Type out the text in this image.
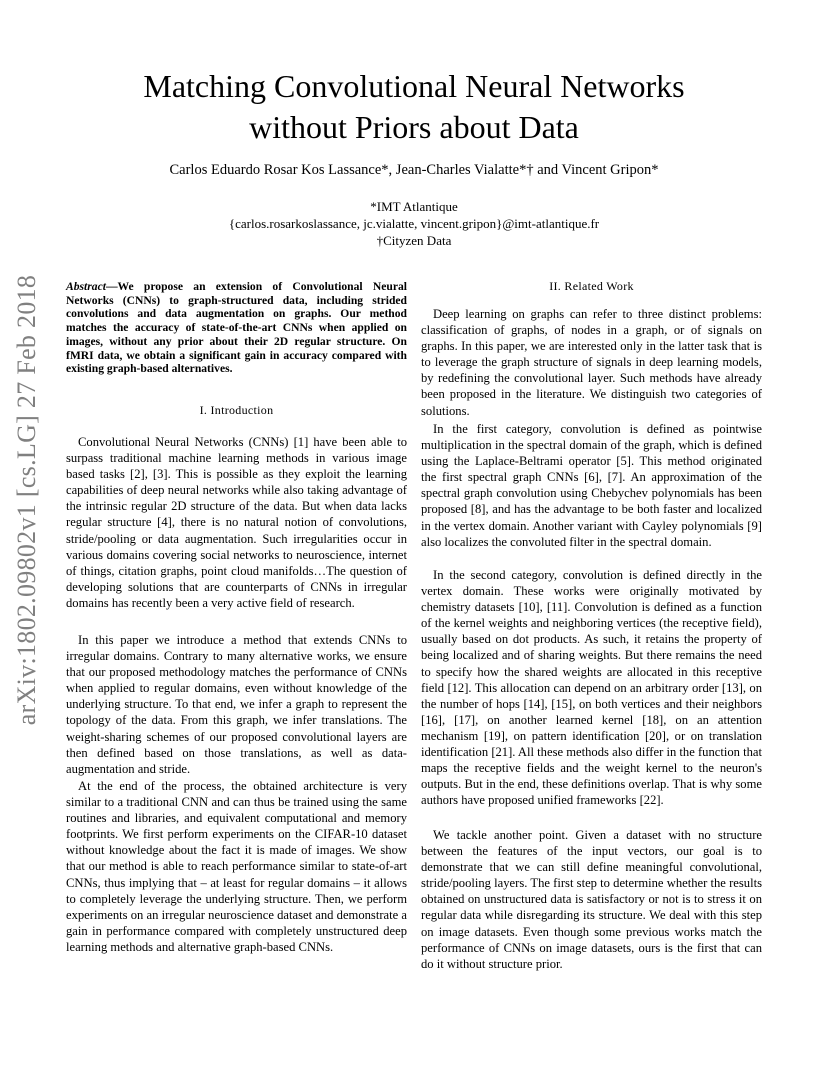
Matching Convolutional Neural Networks
without Priors about Data
Carlos Eduardo Rosar Kos Lassance*, Jean-Charles Vialatte*† and Vincent Gripon*
*IMT Atlantique
{carlos.rosarkoslassance, jc.vialatte, vincent.gripon}@imt-atlantique.fr
†Cityzen Data
arXiv:1802.09802v1 [cs.LG] 27 Feb 2018 Abstract—We propose an extension of Convolutional Neural Networks (CNNs) to graph-structured data, including strided convolutions and data augmentation on graphs. Our method matches the accuracy of state-of-the-art CNNs when applied on images, without any prior about their 2D regular structure. On fMRI data, we obtain a significant gain in accuracy compared with existing graph-based alternatives.
I. Introduction

Convolutional Neural Networks (CNNs) [1] have been able to surpass traditional machine learning methods in various image based tasks [2], [3]. This is possible as they exploit the learning capabilities of deep neural networks while also taking advantage of the intrinsic regular 2D structure of the data. But when data lacks regular structure [4], there is no natural notion of convolutions, stride/pooling or data augmentation. Such irregularities occur in various domains covering social networks to neuroscience, internet of things, citation graphs, point cloud manifolds…The question of developing solutions that are counterparts of CNNs in irregular domains has recently been a very active field of research.

In this paper we introduce a method that extends CNNs to irregular domains. Contrary to many alternative works, we ensure that our proposed methodology matches the performance of CNNs when applied to regular domains, even without knowledge of the underlying structure. To that end, we infer a graph to represent the topology of the data. From this graph, we infer translations. The weight-sharing schemes of our proposed convolutional layers are then defined based on those translations, as well as data-augmentation and stride.

At the end of the process, the obtained architecture is very similar to a traditional CNN and can thus be trained using the same routines and libraries, and equivalent computational and memory footprints. We first perform experiments on the CIFAR-10 dataset without knowledge about the fact it is made of images. We show that our method is able to reach performance similar to state-of-art CNNs, thus implying that – at least for regular domains – it allows to completely leverage the underlying structure. Then, we perform experiments on an irregular neuroscience dataset and demonstrate a gain in performance compared with completely unstructured deep learning methods and alternative graph-based CNNs.

II. Related Work

Deep learning on graphs can refer to three distinct problems: classification of graphs, of nodes in a graph, or of signals on graphs. In this paper, we are interested only in the latter task that is to leverage the graph structure of signals in deep learning models, by redefining the convolutional layer. Such methods have already been proposed in the literature. We distinguish two categories of solutions.

In the first category, convolution is defined as pointwise multiplication in the spectral domain of the graph, which is defined using the Laplace-Beltrami operator [5]. This method originated the first spectral graph CNNs [6], [7]. An approximation of the spectral graph convolution using Chebychev polynomials has been proposed [8], and has the advantage to be both faster and localized in the vertex domain. Another variant with Cayley polynomials [9] also localizes the convoluted filter in the spectral domain.

In the second category, convolution is defined directly in the vertex domain. These works were originally motivated by chemistry datasets [10], [11]. Convolution is defined as a function of the kernel weights and neighboring vertices (the receptive field), usually based on dot products. As such, it retains the property of being localized and of sharing weights. But there remains the need to specify how the shared weights are allocated in this receptive field [12]. This allocation can depend on an arbitrary order [13], on the number of hops [14], [15], on both vertices and their neighbors [16], [17], on another learned kernel [18], on an attention mechanism [19], on pattern identification [20], or on translation identification [21]. All these methods also differ in the function that maps the receptive fields and the weight kernel to the neuron's outputs. But in the end, these definitions overlap. That is why some authors have proposed unified frameworks [22].

We tackle another point. Given a dataset with no structure between the features of the input vectors, our goal is to demonstrate that we can still define meaningful convolutional, stride/pooling layers. The first step to determine whether the results obtained on unstructured data is satisfactory or not is to stress it on regular data while disregarding its structure. We deal with this step on image datasets. Even though some previous works match the performance of CNNs on image datasets, ours is the first that can do it without structure prior.
